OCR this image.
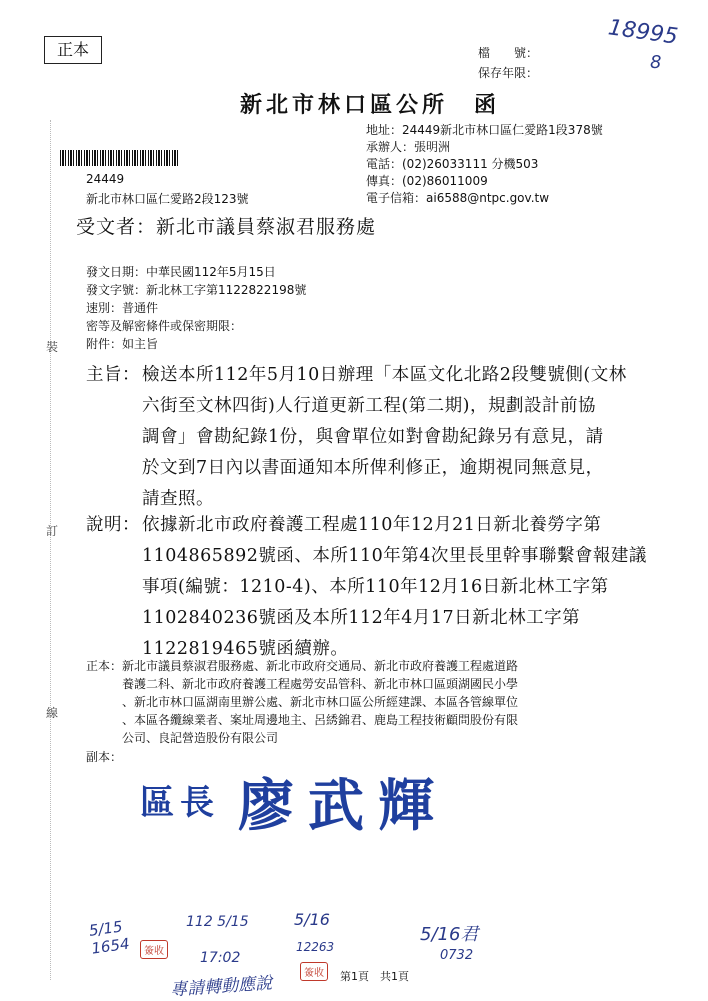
裝
訂
線
正本	檔　　號：
保存年限：
18995
8
新北市林口區公所　函
地址：24449新北市林口區仁愛路1段378號
承辦人：張明洲
電話：(02)26033111 分機503
傳真：(02)86011009
電子信箱：ai6588@ntpc.gov.tw
24449
新北市林口區仁愛路2段123號
受文者：新北市議員蔡淑君服務處
發文日期：中華民國112年5月15日
發文字號：新北林工字第1122822198號
速別：普通件
密等及解密條件或保密期限：
附件：如主旨
主旨： 檢送本所112年5月10日辦理「本區文化北路2段雙號側(文林
六街至文林四街)人行道更新工程(第二期)，規劃設計前協
調會」會勘紀錄1份，與會單位如對會勘紀錄另有意見，請
於文到7日內以書面通知本所俾利修正，逾期視同無意見，
請查照。
說明： 依據新北市政府養護工程處110年12月21日新北養勞字第
1104865892號函、本所110年第4次里長里幹事聯繫會報建議
事項(編號：1210-4)、本所110年12月16日新北林工字第
1102840236號函及本所112年4月17日新北林工字第
1122819465號函續辦。
正本： 新北市議員蔡淑君服務處、新北市政府交通局、新北市政府養護工程處道路
養護二科、新北市政府養護工程處勞安品管科、新北市林口區頭湖國民小學
、新北市林口區湖南里辦公處、新北市林口區公所經建課、本區各管線單位
、本區各纜線業者、案址周邊地主、呂綉錦君、鹿島工程技術顧問股份有限
公司、良記營造股份有限公司
副本：
區長 廖武輝
5/15 1654
112 5/15
17:02
簽收
5/16
12263
簽收
5/16君
0732
專請轉動應說	第1頁　共1頁
